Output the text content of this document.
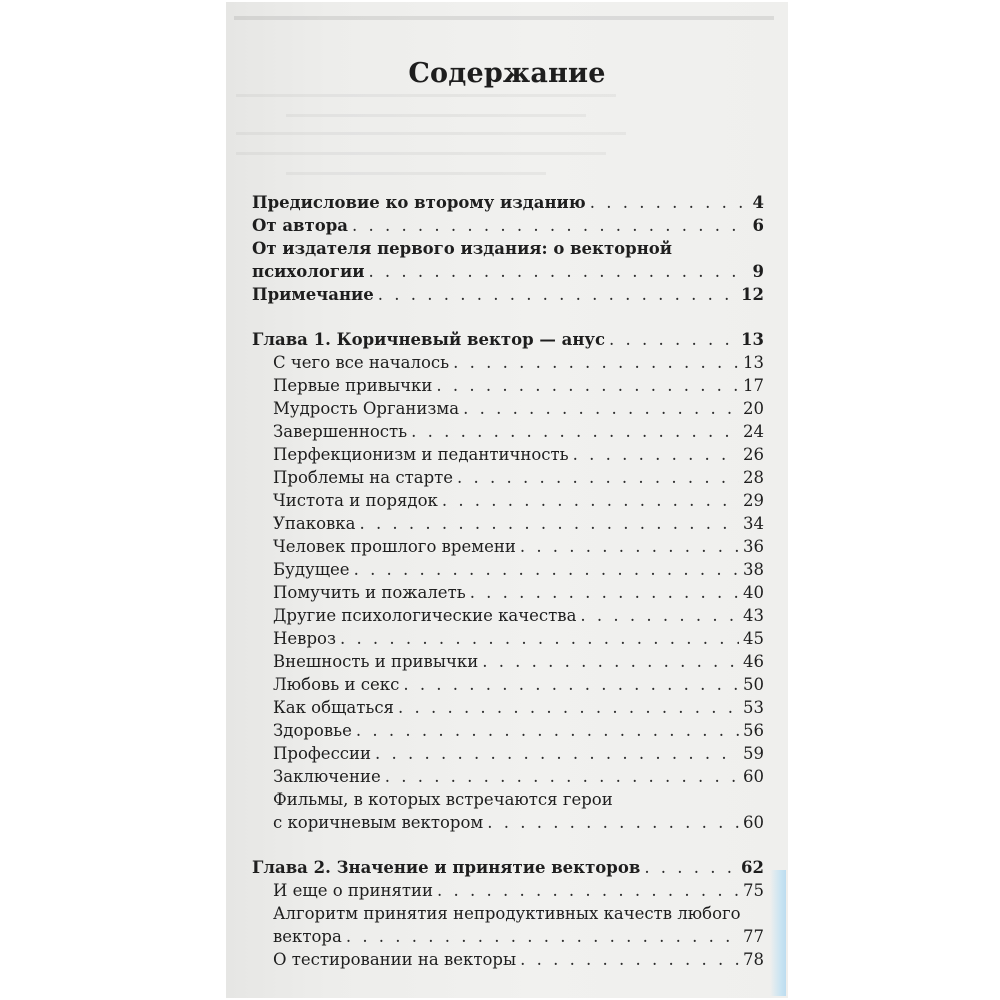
Содержание
Предисловие ко второму изданию . . .	4
От автора . . .	6
От издателя первого издания: о векторной
психологии . . .	9
Примечание . . .	12
Глава 1. Коричневый вектор — анус . . .	13
С чего все началось . . .	13
Первые привычки . . .	17
Мудрость Организма . . .	20
Завершенность . . .	24
Перфекционизм и педантичность . . .	26
Проблемы на старте . . .	28
Чистота и порядок . . .	29
Упаковка . . .	34
Человек прошлого времени . . .	36
Будущее . . .	38
Помучить и пожалеть . . .	40
Другие психологические качества . . .	43
Невроз . . .	45
Внешность и привычки . . .	46
Любовь и секс . . .	50
Как общаться . . .	53
Здоровье . . .	56
Профессии . . .	59
Заключение . . .	60
Фильмы, в которых встречаются герои
с коричневым вектором . . .	60
Глава 2. Значение и принятие векторов . . .	62
И еще о принятии . . .	75
Алгоритм принятия непродуктивных качеств любого
вектора . . .	77
О тестировании на векторы . . .	78
